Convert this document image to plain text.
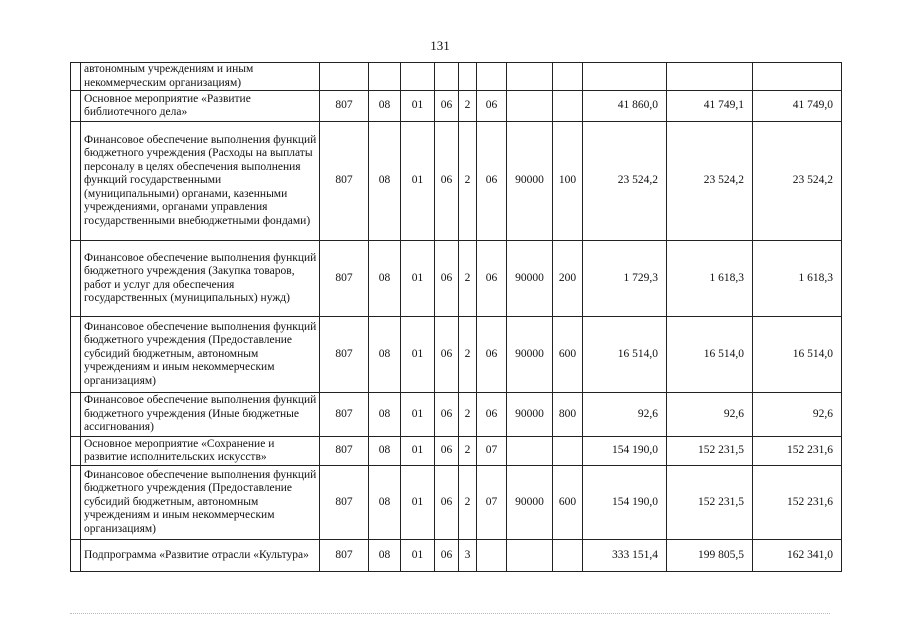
131
	автономным учреждениям и иным некоммерческим организациям)											
	Основное мероприятие «Развитие библиотечного дела»	807	08	01	06	2	06			41 860,0	41 749,1	41 749,0
	Финансовое обеспечение выполнения функций бюджетного учреждения (Расходы на выплаты персоналу в целях обеспечения выполнения функций государственными (муниципальными) органами, казенными учреждениями, органами управления государственными внебюджетными фондами)	807	08	01	06	2	06	90000	100	23 524,2	23 524,2	23 524,2
	Финансовое обеспечение выполнения функций бюджетного учреждения (Закупка товаров, работ и услуг для обеспечения государственных (муниципальных) нужд)	807	08	01	06	2	06	90000	200	1 729,3	1 618,3	1 618,3
	Финансовое обеспечение выполнения функций бюджетного учреждения (Предоставление субсидий бюджетным, автономным учреждениям и иным некоммерческим организациям)	807	08	01	06	2	06	90000	600	16 514,0	16 514,0	16 514,0
	Финансовое обеспечение выполнения функций бюджетного учреждения (Иные бюджетные ассигнования)	807	08	01	06	2	06	90000	800	92,6	92,6	92,6
	Основное мероприятие «Сохранение и развитие исполнительских искусств»	807	08	01	06	2	07			154 190,0	152 231,5	152 231,6
	Финансовое обеспечение выполнения функций бюджетного учреждения (Предоставление субсидий бюджетным, автономным учреждениям и иным некоммерческим организациям)	807	08	01	06	2	07	90000	600	154 190,0	152 231,5	152 231,6
	Подпрограмма «Развитие отрасли «Культура»	807	08	01	06	3				333 151,4	199 805,5	162 341,0
